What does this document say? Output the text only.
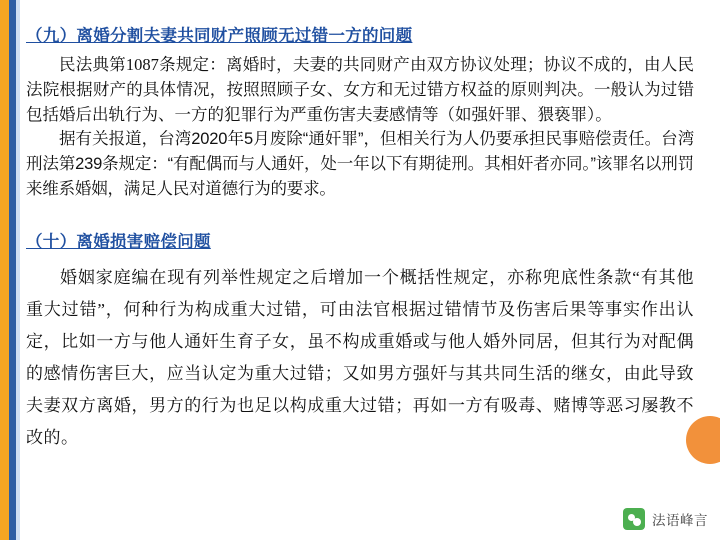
（九）离婚分割夫妻共同财产照顾无过错一方的问题

民法典第1087条规定：离婚时，夫妻的共同财产由双方协议处理；协议不成的，由人民法院根据财产的具体情况，按照照顾子女、女方和无过错方权益的原则判决。一般认为过错包括婚后出轨行为、一方的犯罪行为严重伤害夫妻感情等（如强奸罪、猥亵罪）。

据有关报道，台湾2020年5月废除“通奸罪”，但相关行为人仍要承担民事赔偿责任。台湾刑法第239条规定：“有配偶而与人通奸，处一年以下有期徒刑。其相奸者亦同。”该罪名以刑罚来维系婚姻，满足人民对道德行为的要求。

（十）离婚损害赔偿问题

婚姻家庭编在现有列举性规定之后增加一个概括性规定，亦称兜底性条款“有其他重大过错”，何种行为构成重大过错，可由法官根据过错情节及伤害后果等事实作出认定，比如一方与他人通奸生育子女，虽不构成重婚或与他人婚外同居，但其行为对配偶的感情伤害巨大，应当认定为重大过错；又如男方强奸与其共同生活的继女，由此导致夫妻双方离婚，男方的行为也足以构成重大过错；再如一方有吸毒、赌博等恶习屡教不改的。

法语峰言
